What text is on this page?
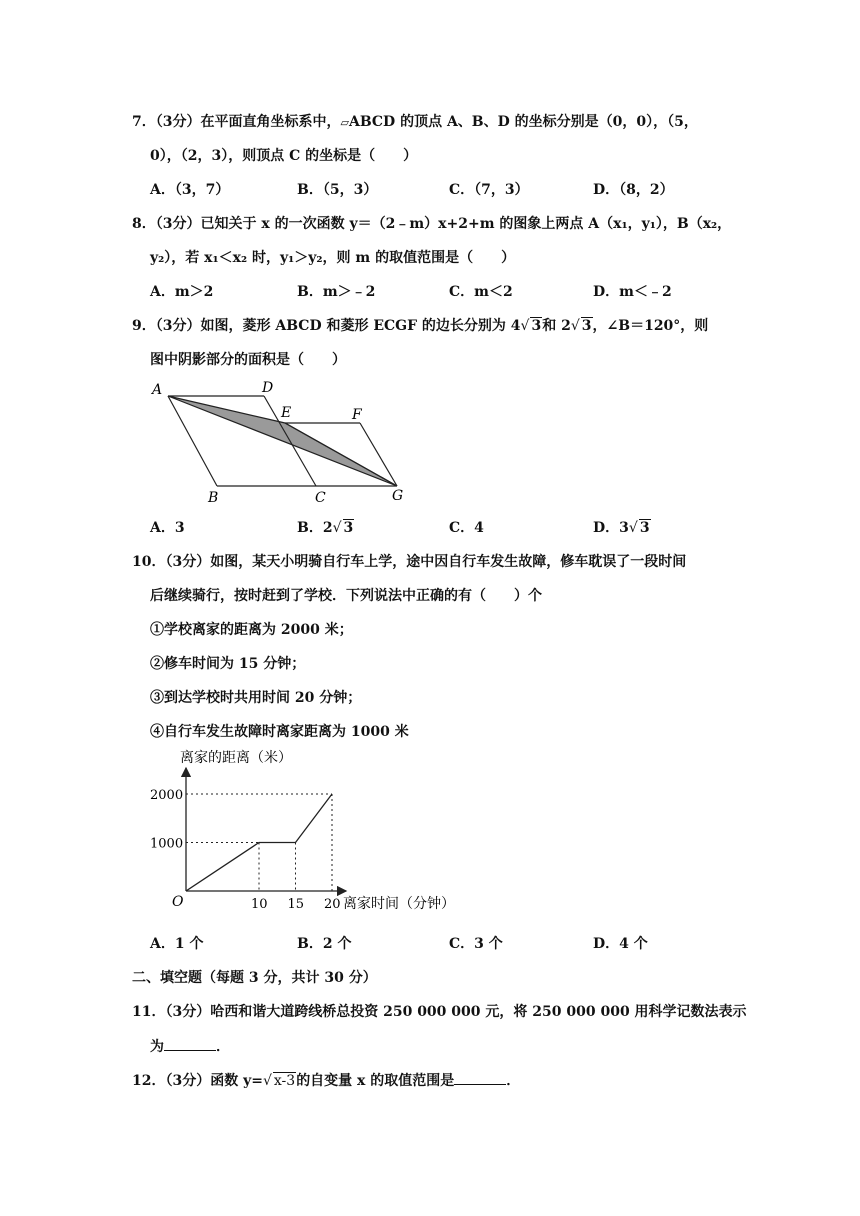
7．（3分）在平面直角坐标系中，▱ABCD 的顶点 A、B、D 的坐标分别是（0，0），（5，
0），（2，3），则顶点 C 的坐标是（　　）
A．（3，7）	B．（5，3）	C．（7，3）	D．（8，2）
8．（3分）已知关于 x 的一次函数 y＝（2﹣m）x+2+m 的图象上两点 A（x₁，y₁），B（x₂，
y₂），若 x₁＜x₂ 时，y₁＞y₂，则 m 的取值范围是（　　）
A．m＞2	B．m＞﹣2	C．m＜2	D．m＜﹣2
9．（3分）如图，菱形 ABCD 和菱形 ECGF 的边长分别为 4√ 3和 2√ 3，∠B＝120°，则
图中阴影部分的面积是（　　）
A	D
E	F
B	C	G
A．3	B．2√ 3	C．4	D．3√ 3
10．（3分）如图，某天小明骑自行车上学，途中因自行车发生故障，修车耽误了一段时间
后继续骑行，按时赶到了学校．下列说法中正确的有（　　）个
①学校离家的距离为 2000 米；
②修车时间为 15 分钟；
③到达学校时共用时间 20 分钟；
④自行车发生故障时离家距离为 1000 米
离家的距离（米）
离家时间（分钟）
O	10 15 20
1000
2000
A．1 个	B．2 个	C．3 个	D．4 个
二、填空题（每题 3 分，共计 30 分）
11．（3分）哈西和谐大道跨线桥总投资 250 000 000 元，将 250 000 000 用科学记数法表示
为	．
12．（3分）函数 y=√ x-3的自变量 x 的取值范围是	．
